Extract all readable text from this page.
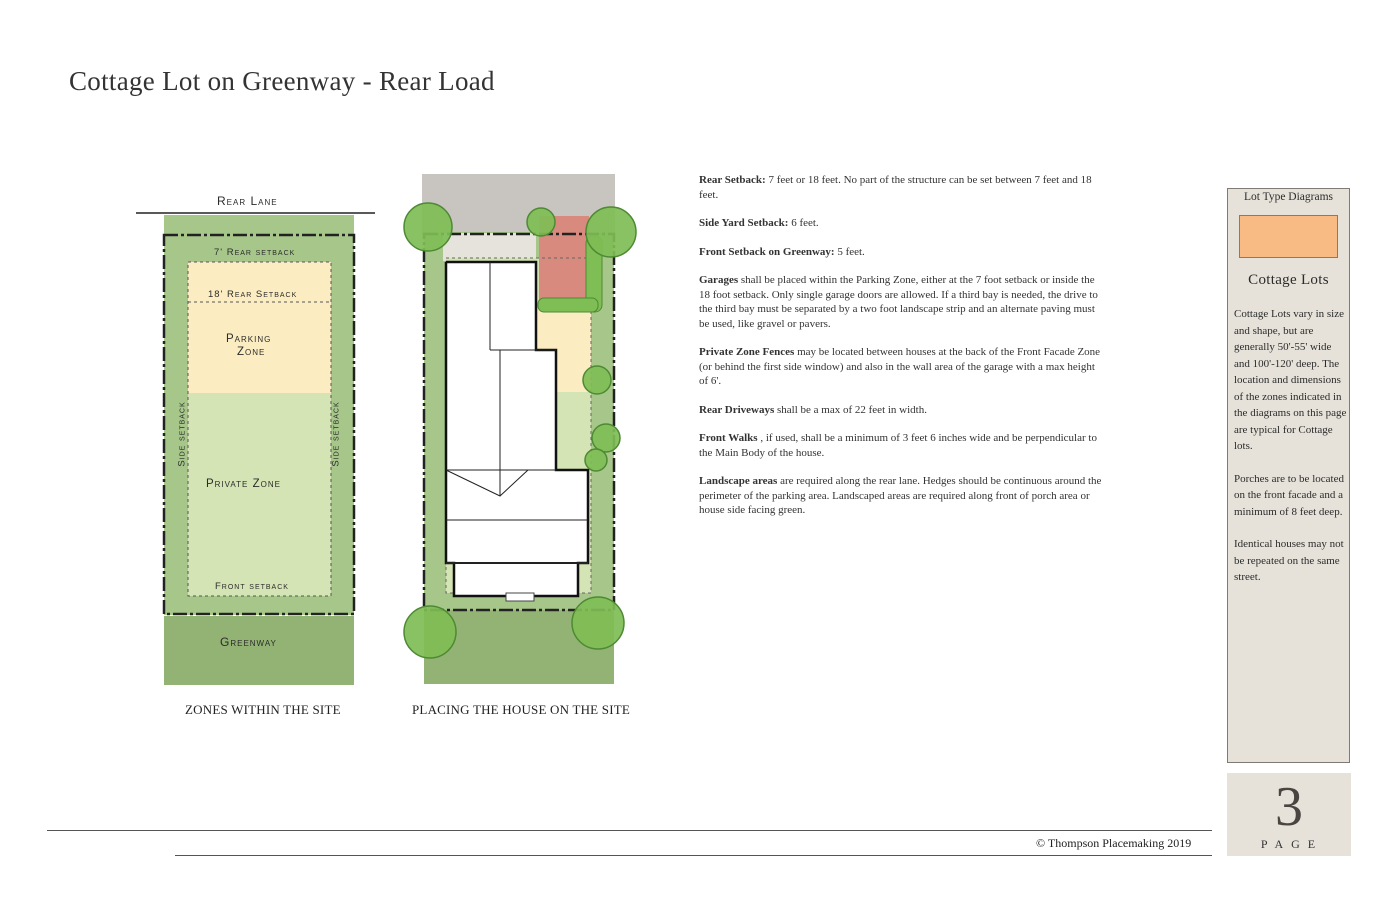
Cottage Lot on Greenway - Rear Load
Rear Lane
7' Rear setback
18' Rear Setback
Parking
Zone
Side setback	Side setback
Private Zone
Front setback
Greenway
ZONES WITHIN THE SITE	PLACING THE HOUSE ON THE SITE

Rear Setback: 7 feet or 18 feet. No part of the structure can be set between 7 feet and 18 feet.

Side Yard Setback: 6 feet.

Front Setback on Greenway: 5 feet.

Garages shall be placed within the Parking Zone, either at the 7 foot setback or inside the 18 foot setback. Only single garage doors are allowed. If a third bay is needed, the drive to the third bay must be separated by a two foot landscape strip and an alternate paving must be used, like gravel or pavers.

Private Zone Fences may be located between houses at the back of the Front Facade Zone (or behind the first side window) and also in the wall area of the garage with a max height of 6'.

Rear Driveways shall be a max of 22 feet in width.

Front Walks , if used, shall be a minimum of 3 feet 6 inches wide and be perpendicular to the Main Body of the house.

Landscape areas are required along the rear lane. Hedges should be continuous around the perimeter of the parking area. Landscaped areas are required along front of porch area or house side facing green.

Lot Type Diagrams
Cottage Lots

Cottage Lots vary in size and shape, but are generally 50'-55' wide and 100'-120' deep. The location and dimensions of the zones indicated in the diagrams on this page are typical for Cottage lots.

Porches are to be located on the front facade and a minimum of 8 feet deep.

Identical houses may not be repeated on the same street.

3
PAGE
© Thompson Placemaking 2019
